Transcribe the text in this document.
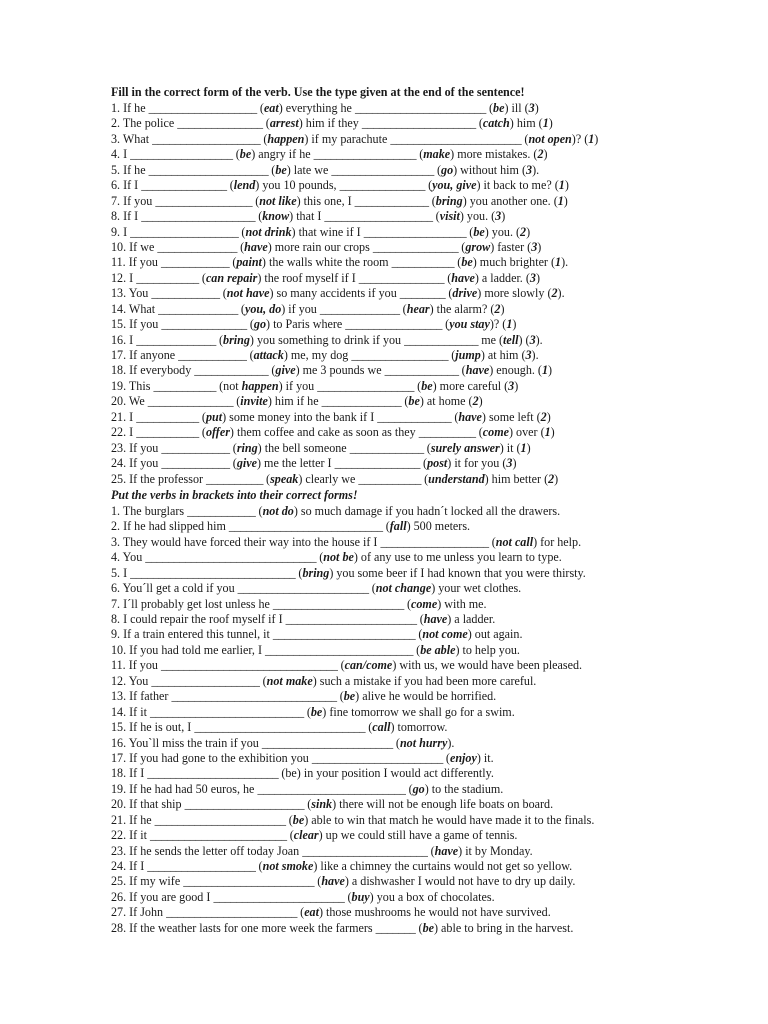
Fill in the correct form of the verb. Use the type given at the end of the sentence!
1. If he ___________________ (eat) everything he _______________________ (be) ill (3)
2. The police _______________ (arrest) him if they ____________________ (catch) him (1)
3. What ___________________ (happen) if my parachute _______________________ (not open)? (1)
4. I __________________ (be) angry if he __________________ (make) more mistakes. (2)
5. If he _____________________ (be) late we __________________ (go) without him (3).
6. If I _______________ (lend) you 10 pounds, _______________ (you, give) it back to me? (1)
7. If you _________________ (not like) this one, I _____________ (bring) you another one. (1)
8. If I ____________________ (know) that I ___________________ (visit) you. (3)
9. I ___________________ (not drink) that wine if I __________________ (be) you. (2)
10. If we ______________ (have) more rain our crops _______________ (grow) faster (3)
11. If you ____________ (paint) the walls white the room ___________ (be) much brighter (1).
12. I ___________ (can repair) the roof myself if I _______________ (have) a ladder. (3)
13. You ____________ (not have) so many accidents if you ________ (drive) more slowly (2).
14. What ______________ (you, do) if you ______________ (hear) the alarm? (2)
15. If you _______________ (go) to Paris where _________________ (you stay)? (1)
16. I ______________ (bring) you something to drink if you _____________ me (tell) (3).
17. If anyone ____________ (attack) me, my dog _________________ (jump) at him (3).
18. If everybody _____________ (give) me 3 pounds we _____________ (have) enough. (1)
19. This ___________ (not happen) if you _________________ (be) more careful (3)
20. We _______________ (invite) him if he ______________ (be) at home (2)
21. I ___________ (put) some money into the bank if I _____________ (have) some left (2)
22. I ___________ (offer) them coffee and cake as soon as they __________ (come) over (1)
23. If you ____________ (ring) the bell someone _____________ (surely answer) it (1)
24. If you ____________ (give) me the letter I _______________ (post) it for you (3)
25. If the professor __________ (speak) clearly we ___________ (understand) him better (2)
Put the verbs in brackets into their correct forms!
1. The burglars ____________ (not do) so much damage if you hadn´t locked all the drawers.
2. If he had slipped him ___________________________ (fall) 500 meters.
3. They would have forced their way into the house if I ___________________ (not call) for help.
4. You ______________________________ (not be) of any use to me unless you learn to type.
5. I _____________________________ (bring) you some beer if I had known that you were thirsty.
6. You´ll get a cold if you _______________________ (not change) your wet clothes.
7. I´ll probably get lost unless he _______________________ (come) with me.
8. I could repair the roof myself if I _______________________ (have) a ladder.
9. If a train entered this tunnel, it _________________________ (not come) out again.
10. If you had told me earlier, I __________________________ (be able) to help you.
11. If you _______________________________ (can/come) with us, we would have been pleased.
12. You ___________________ (not make) such a mistake if you had been more careful.
13. If father _____________________________ (be) alive he would be horrified.
14. If it ___________________________ (be) fine tomorrow we shall go for a swim.
15. If he is out, I ______________________________ (call) tomorrow.
16. You`ll miss the train if you _______________________ (not hurry).
17. If you had gone to the exhibition you _______________________ (enjoy) it.
18. If I _______________________ (be) in your position I would act differently.
19. If he had had 50 euros, he __________________________ (go) to the stadium.
20. If that ship _____________________ (sink) there will not be enough life boats on board.
21. If he _______________________ (be) able to win that match he would have made it to the finals.
22. If it ________________________ (clear) up we could still have a game of tennis.
23. If he sends the letter off today Joan ______________________ (have) it by Monday.
24. If I ___________________ (not smoke) like a chimney the curtains would not get so yellow.
25. If my wife _______________________ (have) a dishwasher I would not have to dry up daily.
26. If you are good I _______________________ (buy) you a box of chocolates.
27. If John _______________________ (eat) those mushrooms he would not have survived.
28. If the weather lasts for one more week the farmers _______ (be) able to bring in the harvest.
